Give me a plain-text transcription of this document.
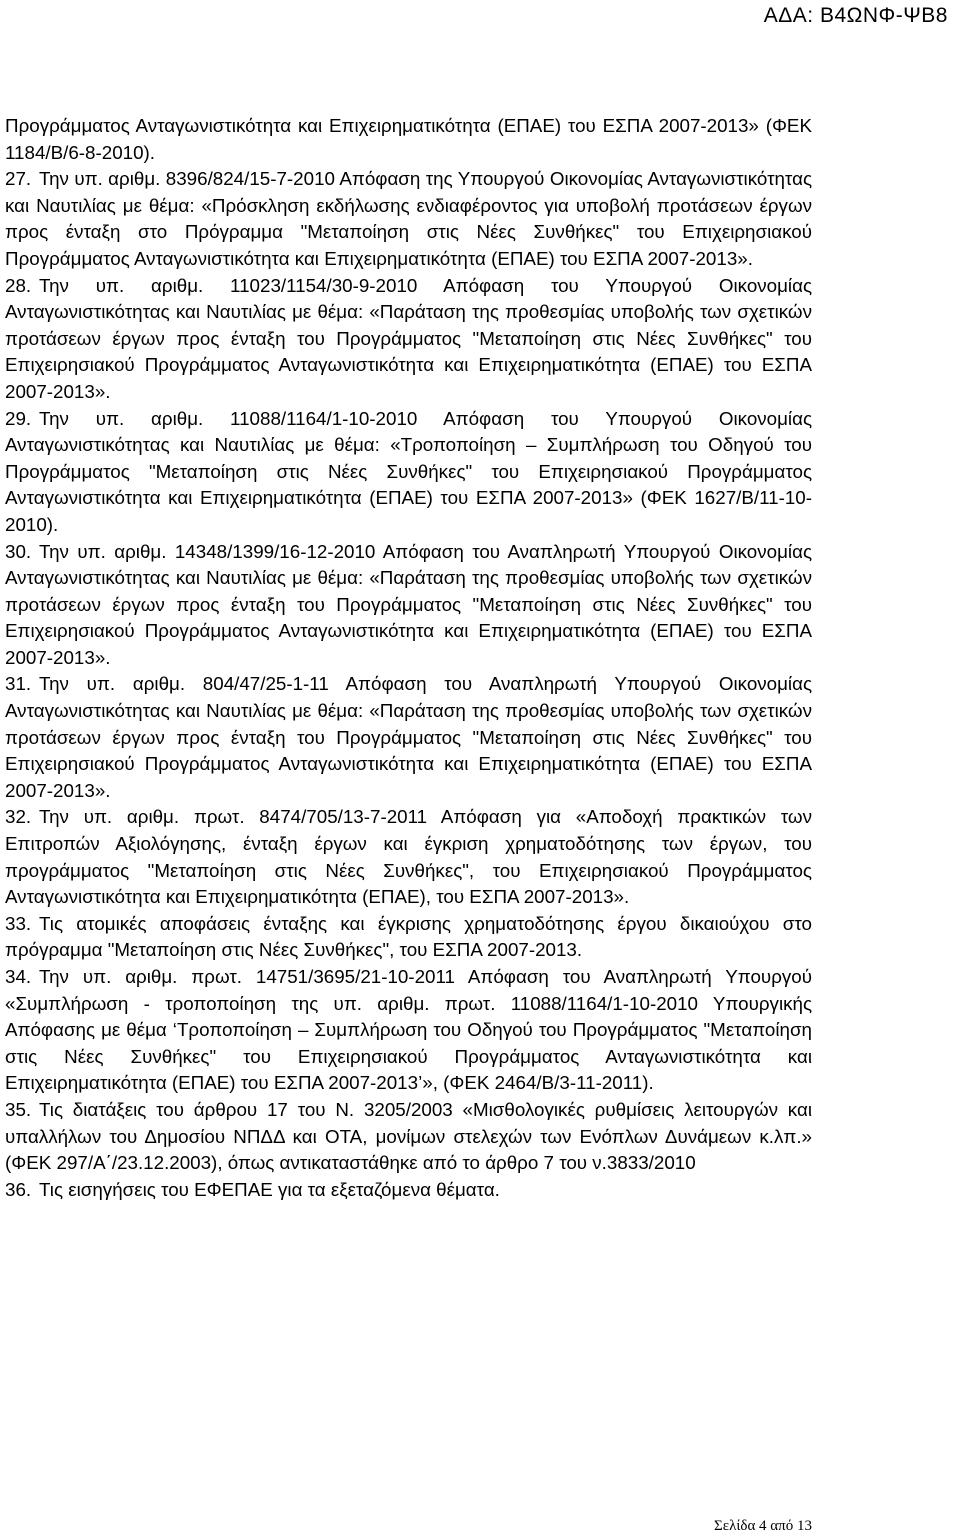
ΑΔΑ: Β4ΩΝΦ-ΨΒ8

Προγράμματος Ανταγωνιστικότητα και Επιχειρηματικότητα (ΕΠΑΕ) του ΕΣΠΑ 2007-2013» (ΦΕΚ 1184/Β/6-8-2010).

27. Την υπ. αριθμ. 8396/824/15-7-2010 Απόφαση της Υπουργού Οικονομίας Ανταγωνιστικότητας και Ναυτιλίας με θέμα: «Πρόσκληση εκδήλωσης ενδιαφέροντος για υποβολή προτάσεων έργων προς ένταξη στο Πρόγραμμα "Μεταποίηση στις Νέες Συνθήκες" του Επιχειρησιακού Προγράμματος Ανταγωνιστικότητα και Επιχειρηματικότητα (ΕΠΑΕ) του ΕΣΠΑ 2007-2013».

28. Την υπ. αριθμ. 11023/1154/30-9-2010 Απόφαση του Υπουργού Οικονομίας Ανταγωνιστικότητας και Ναυτιλίας με θέμα: «Παράταση της προθεσμίας υποβολής των σχετικών προτάσεων έργων προς ένταξη του Προγράμματος "Μεταποίηση στις Νέες Συνθήκες" του Επιχειρησιακού Προγράμματος Ανταγωνιστικότητα και Επιχειρηματικότητα (ΕΠΑΕ) του ΕΣΠΑ 2007-2013».

29. Την υπ. αριθμ. 11088/1164/1-10-2010 Απόφαση του Υπουργού Οικονομίας Ανταγωνιστικότητας και Ναυτιλίας με θέμα: «Τροποποίηση – Συμπλήρωση του Οδηγού του Προγράμματος "Μεταποίηση στις Νέες Συνθήκες" του Επιχειρησιακού Προγράμματος Ανταγωνιστικότητα και Επιχειρηματικότητα (ΕΠΑΕ) του ΕΣΠΑ 2007-2013» (ΦΕΚ 1627/Β/11-10-2010).

30. Την υπ. αριθμ. 14348/1399/16-12-2010 Απόφαση του Αναπληρωτή Υπουργού Οικονομίας Ανταγωνιστικότητας και Ναυτιλίας με θέμα: «Παράταση της προθεσμίας υποβολής των σχετικών προτάσεων έργων προς ένταξη του Προγράμματος "Μεταποίηση στις Νέες Συνθήκες" του Επιχειρησιακού Προγράμματος Ανταγωνιστικότητα και Επιχειρηματικότητα (ΕΠΑΕ) του ΕΣΠΑ 2007-2013».

31. Την υπ. αριθμ. 804/47/25-1-11 Απόφαση του Αναπληρωτή Υπουργού Οικονομίας Ανταγωνιστικότητας και Ναυτιλίας με θέμα: «Παράταση της προθεσμίας υποβολής των σχετικών προτάσεων έργων προς ένταξη του Προγράμματος "Μεταποίηση στις Νέες Συνθήκες" του Επιχειρησιακού Προγράμματος Ανταγωνιστικότητα και Επιχειρηματικότητα (ΕΠΑΕ) του ΕΣΠΑ 2007-2013».

32. Την υπ. αριθμ. πρωτ. 8474/705/13-7-2011 Απόφαση για «Αποδοχή πρακτικών των Επιτροπών Αξιολόγησης, ένταξη έργων και έγκριση χρηματοδότησης των έργων, του προγράμματος "Μεταποίηση στις Νέες Συνθήκες", του Επιχειρησιακού Προγράμματος Ανταγωνιστικότητα και Επιχειρηματικότητα (ΕΠΑΕ), του ΕΣΠΑ 2007-2013».

33. Τις ατομικές αποφάσεις ένταξης και έγκρισης χρηματοδότησης έργου δικαιούχου στο πρόγραμμα "Μεταποίηση στις Νέες Συνθήκες", του ΕΣΠΑ 2007-2013.

34. Την υπ. αριθμ. πρωτ. 14751/3695/21-10-2011 Απόφαση του Αναπληρωτή Υπουργού «Συμπλήρωση - τροποποίηση της υπ. αριθμ. πρωτ. 11088/1164/1-10-2010 Υπουργικής Απόφασης με θέμα ‘Τροποποίηση – Συμπλήρωση του Οδηγού του Προγράμματος "Μεταποίηση στις Νέες Συνθήκες" του Επιχειρησιακού Προγράμματος Ανταγωνιστικότητα και Επιχειρηματικότητα (ΕΠΑΕ) του ΕΣΠΑ 2007-2013’», (ΦΕΚ 2464/Β/3-11-2011).

35. Τις διατάξεις του άρθρου 17 του Ν. 3205/2003 «Μισθολογικές ρυθμίσεις λειτουργών και υπαλλήλων του Δημοσίου ΝΠΔΔ και ΟΤΑ, μονίμων στελεχών των Ενόπλων Δυνάμεων κ.λπ.» (ΦΕΚ 297/Α΄/23.12.2003), όπως αντικαταστάθηκε από το άρθρο 7 του ν.3833/2010

36. Τις εισηγήσεις του ΕΦΕΠΑΕ για τα εξεταζόμενα θέματα.

Σελίδα 4 από 13
